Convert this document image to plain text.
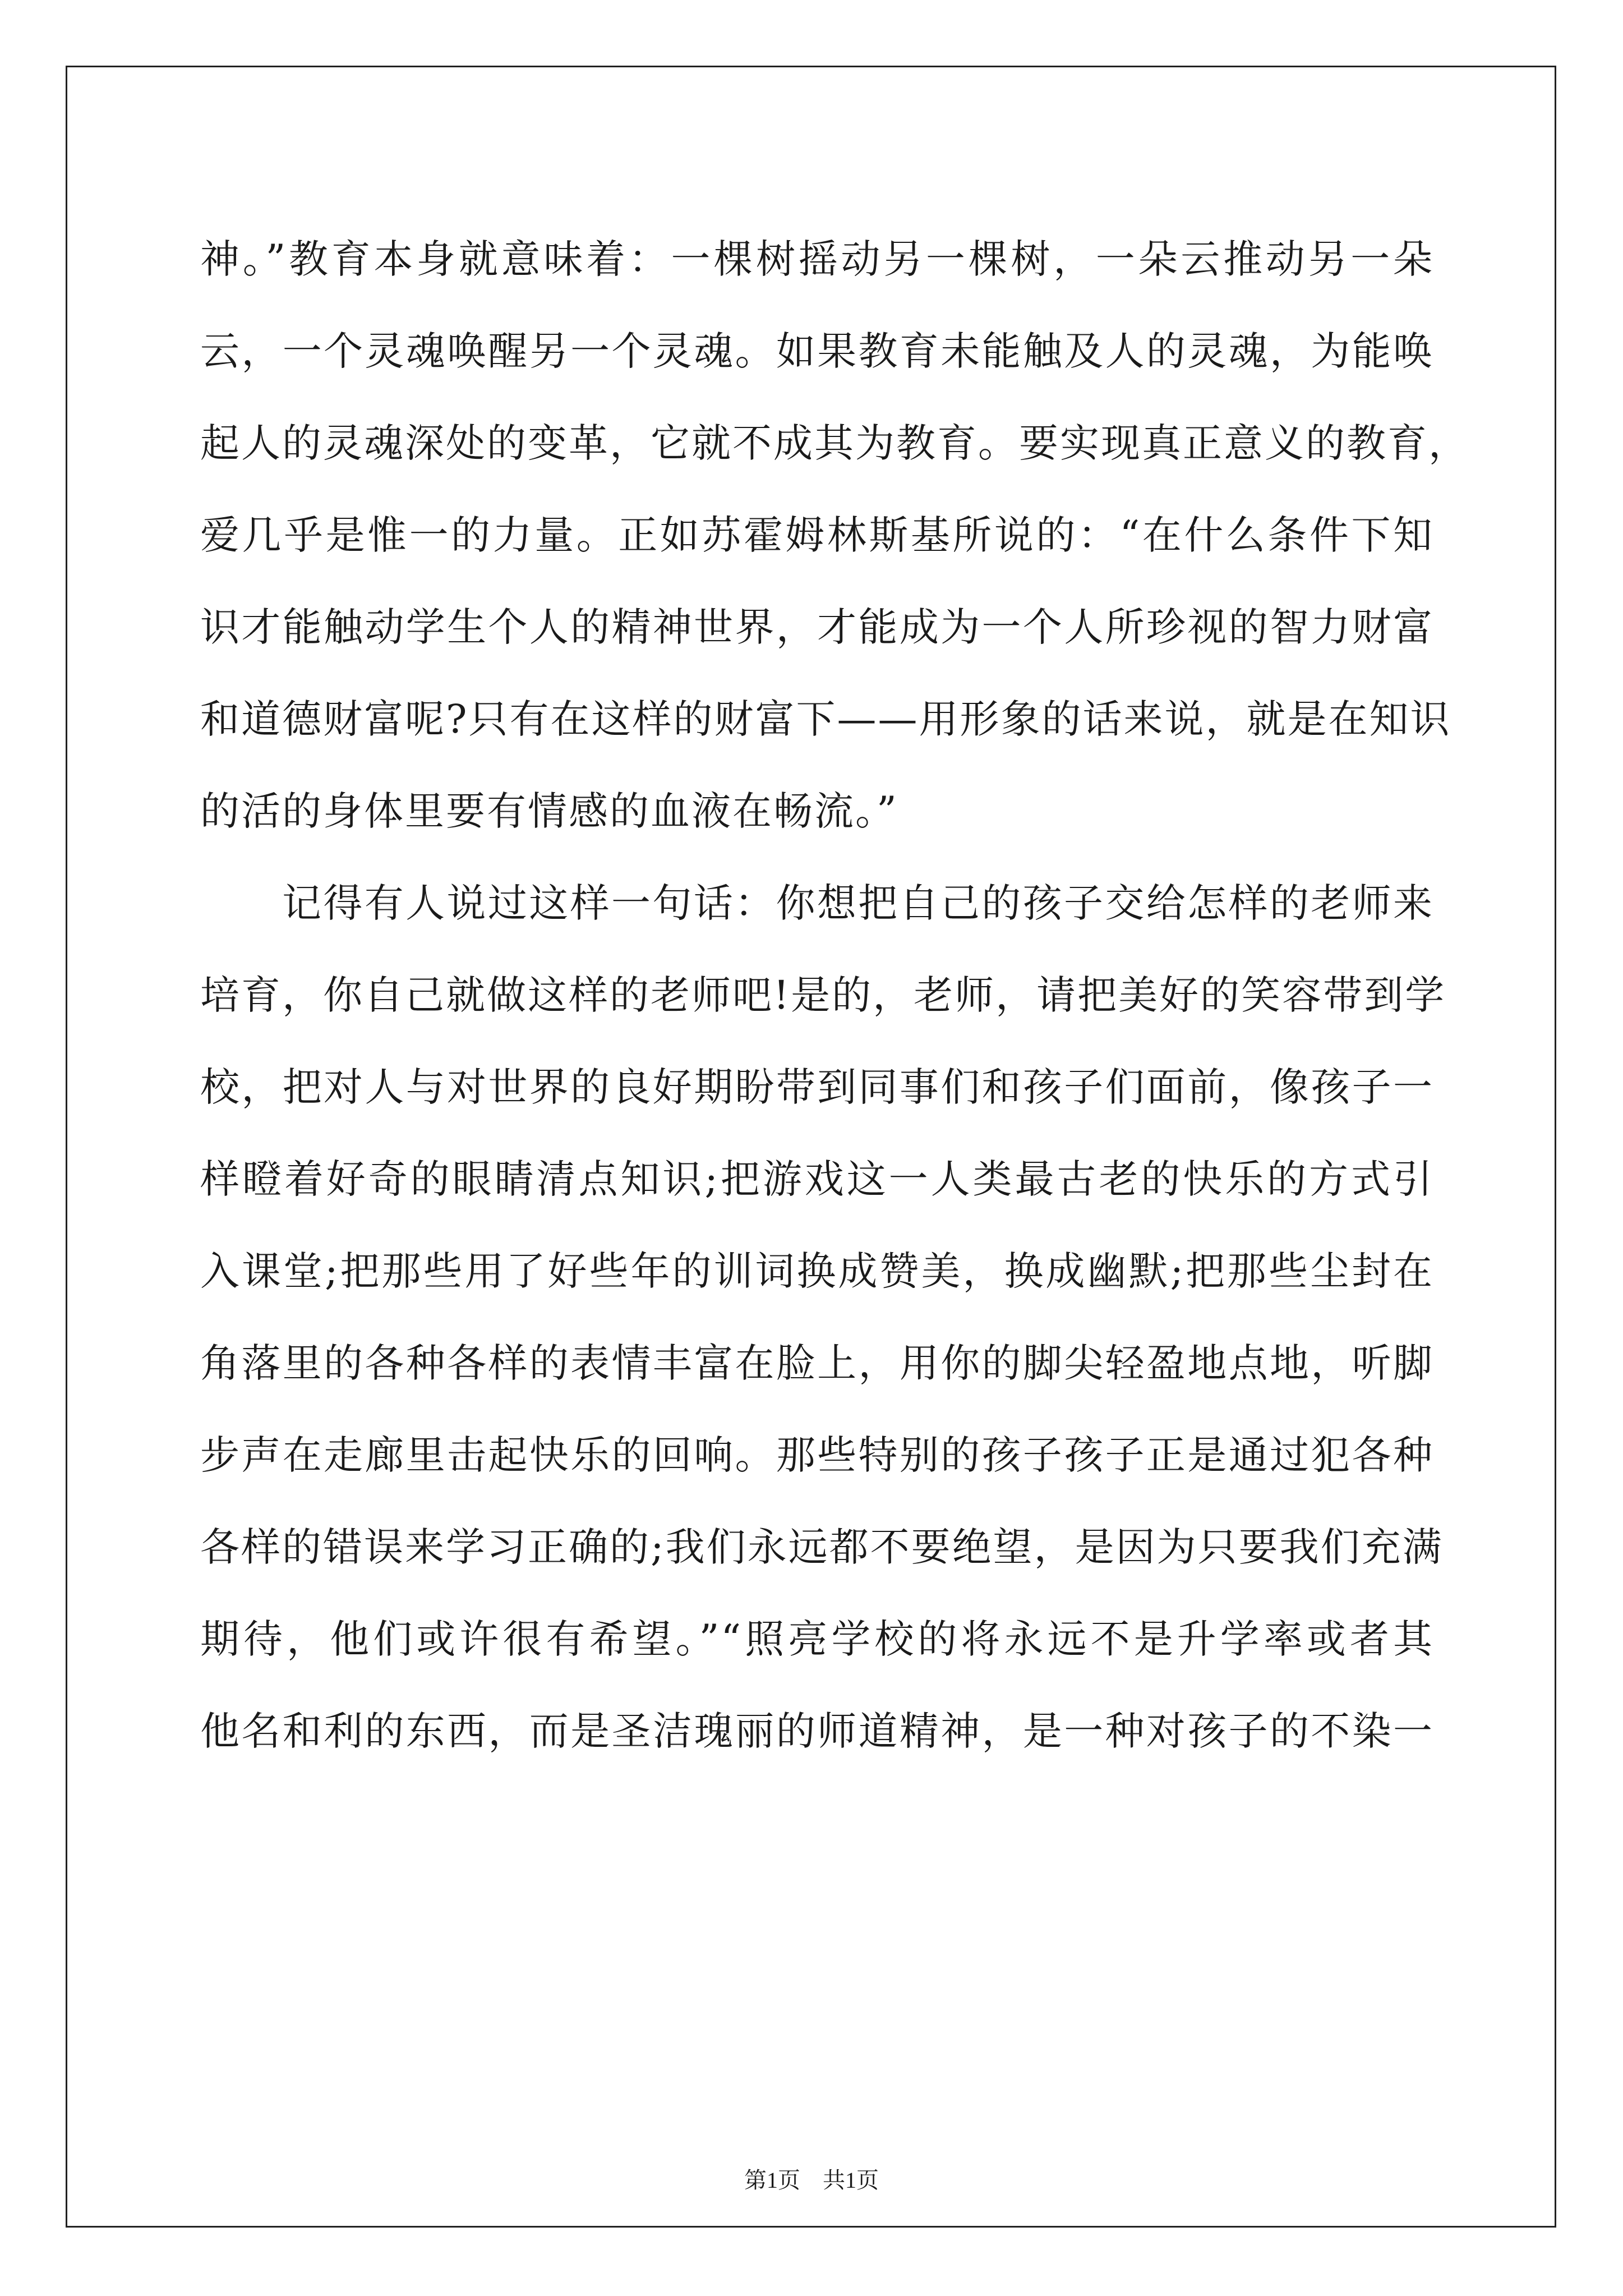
神。”教育本身就意味着：一棵树摇动另一棵树，一朵云推动另一朵
云，一个灵魂唤醒另一个灵魂。如果教育未能触及人的灵魂，为能唤
起人的灵魂深处的变革，它就不成其为教育。要实现真正意义的教育，
爱几乎是惟一的力量。正如苏霍姆林斯基所说的：“在什么条件下知
识才能触动学生个人的精神世界，才能成为一个人所珍视的智力财富
和道德财富呢?只有在这样的财富下——用形象的话来说，就是在知识
的活的身体里要有情感的血液在畅流。”
记得有人说过这样一句话：你想把自己的孩子交给怎样的老师来
培育，你自己就做这样的老师吧!是的，老师，请把美好的笑容带到学
校，把对人与对世界的良好期盼带到同事们和孩子们面前，像孩子一
样瞪着好奇的眼睛清点知识;把游戏这一人类最古老的快乐的方式引
入课堂;把那些用了好些年的训词换成赞美，换成幽默;把那些尘封在
角落里的各种各样的表情丰富在脸上，用你的脚尖轻盈地点地，听脚
步声在走廊里击起快乐的回响。那些特别的孩子孩子正是通过犯各种
各样的错误来学习正确的;我们永远都不要绝望，是因为只要我们充满
期待，他们或许很有希望。”“照亮学校的将永远不是升学率或者其
他名和利的东西，而是圣洁瑰丽的师道精神，是一种对孩子的不染一
第1页 共1页
